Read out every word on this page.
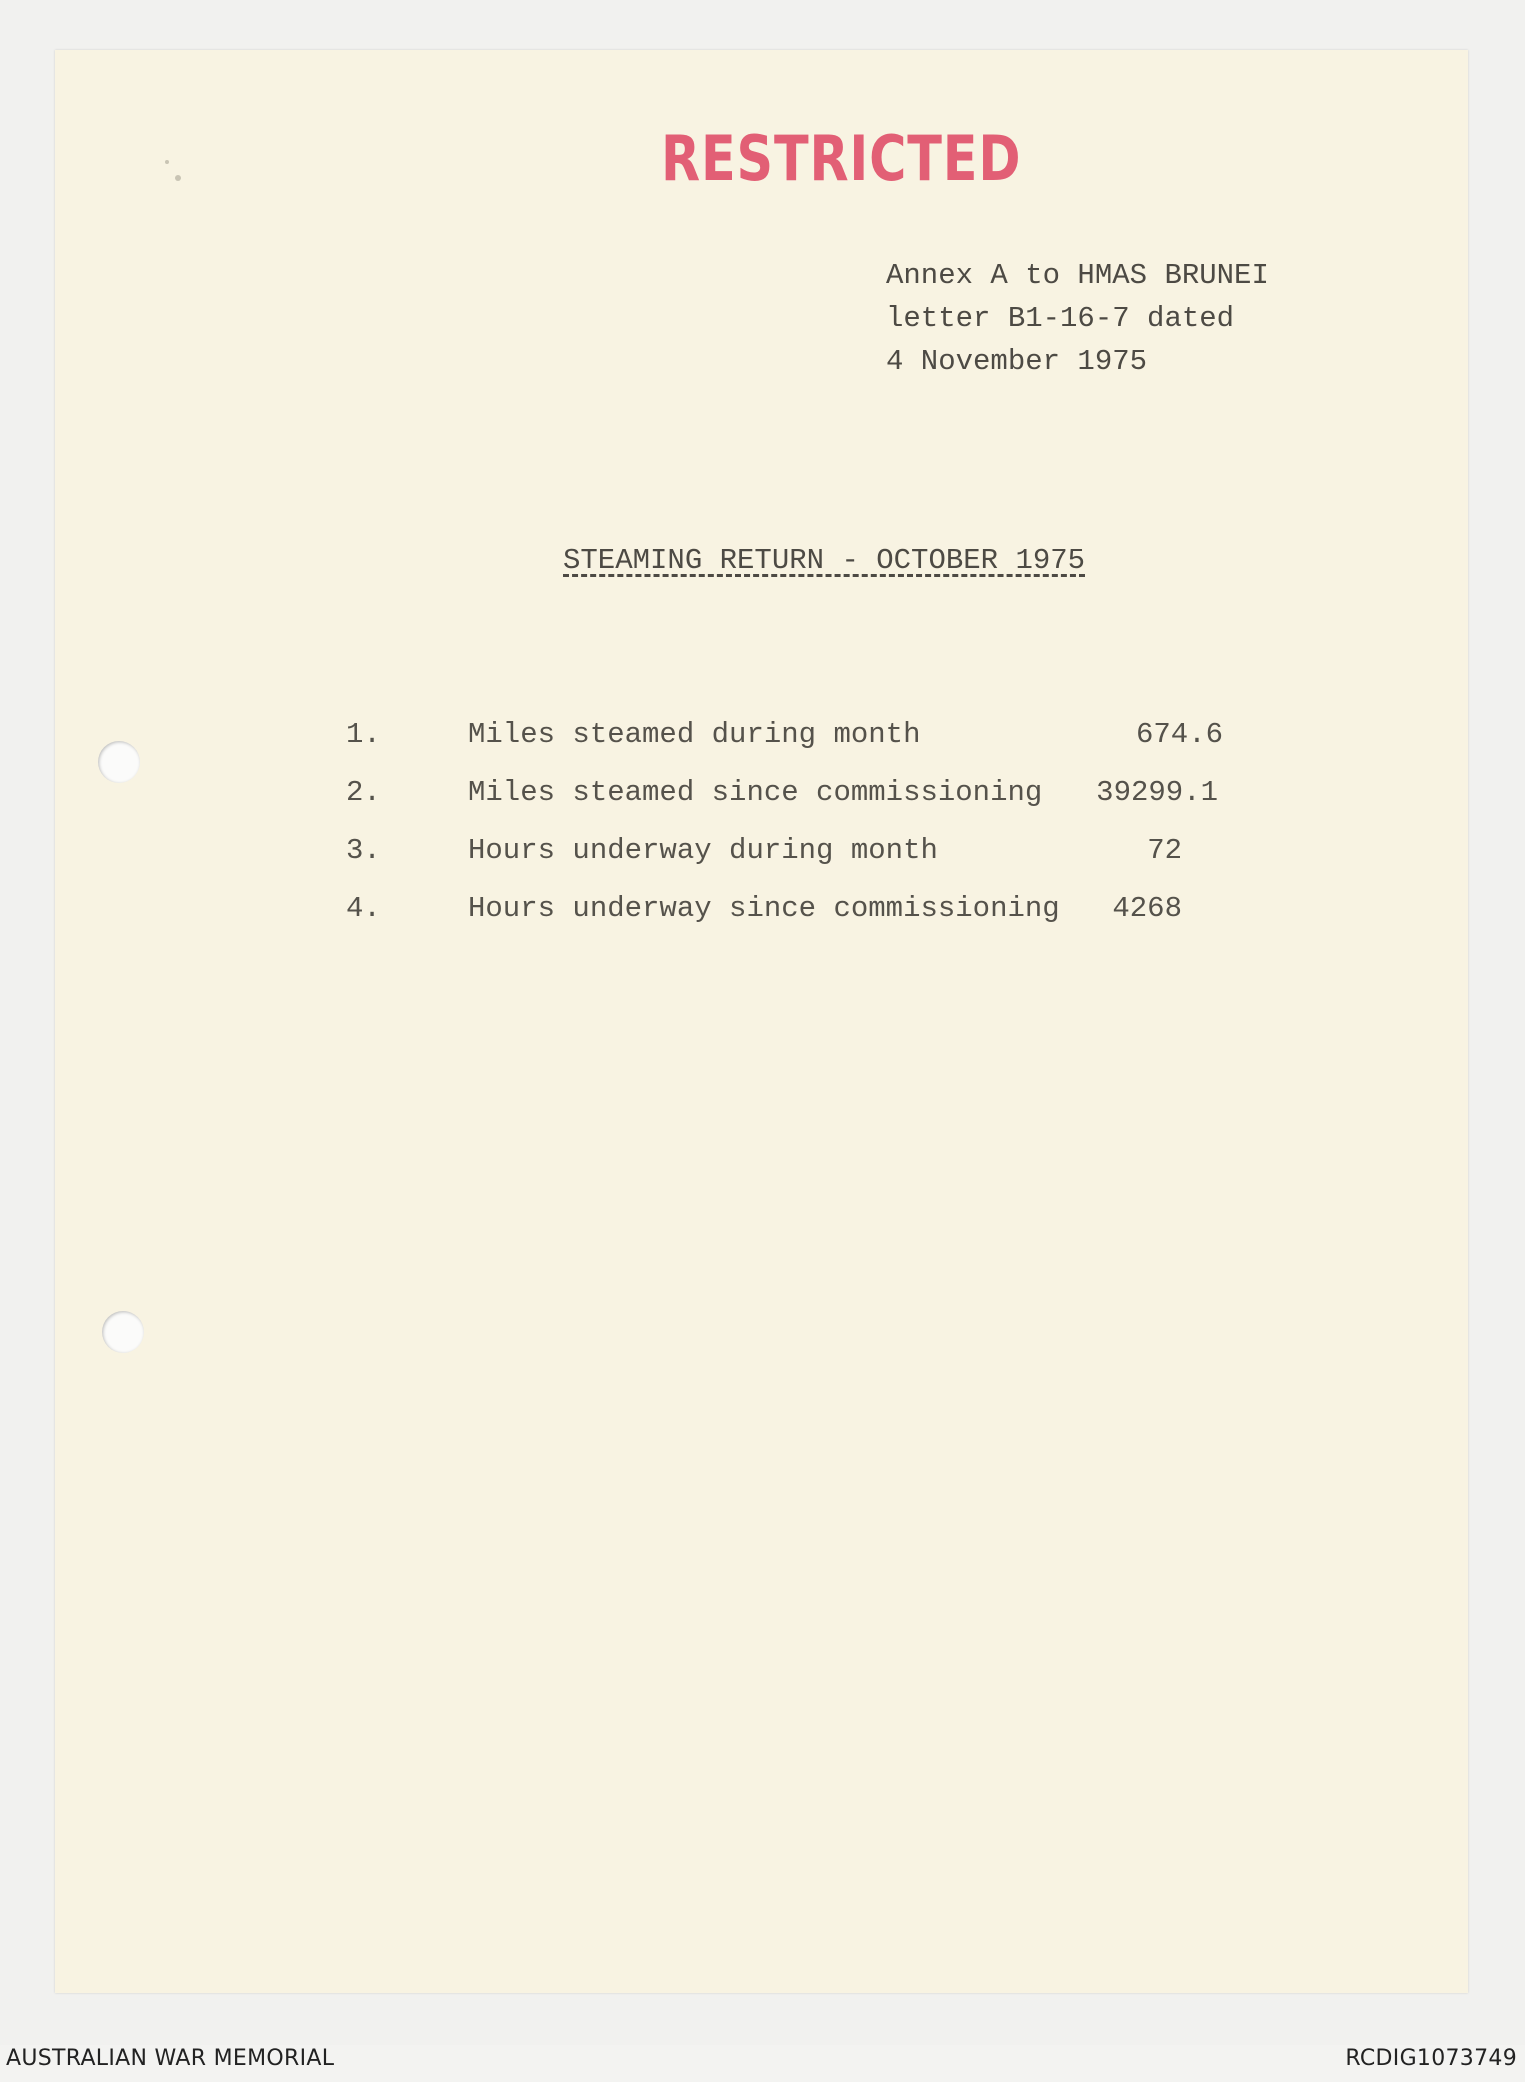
RESTRICTED
Annex A to HMAS BRUNEI
letter B1-16-7 dated
4 November 1975
STEAMING RETURN - OCTOBER 1975
1.	Miles steamed during month	674.6
2.	Miles steamed since commissioning 39299.1
3.	Hours underway during month	72
4.	Hours underway since commissioning 4268
AUSTRALIAN WAR MEMORIAL	RCDIG1073749
